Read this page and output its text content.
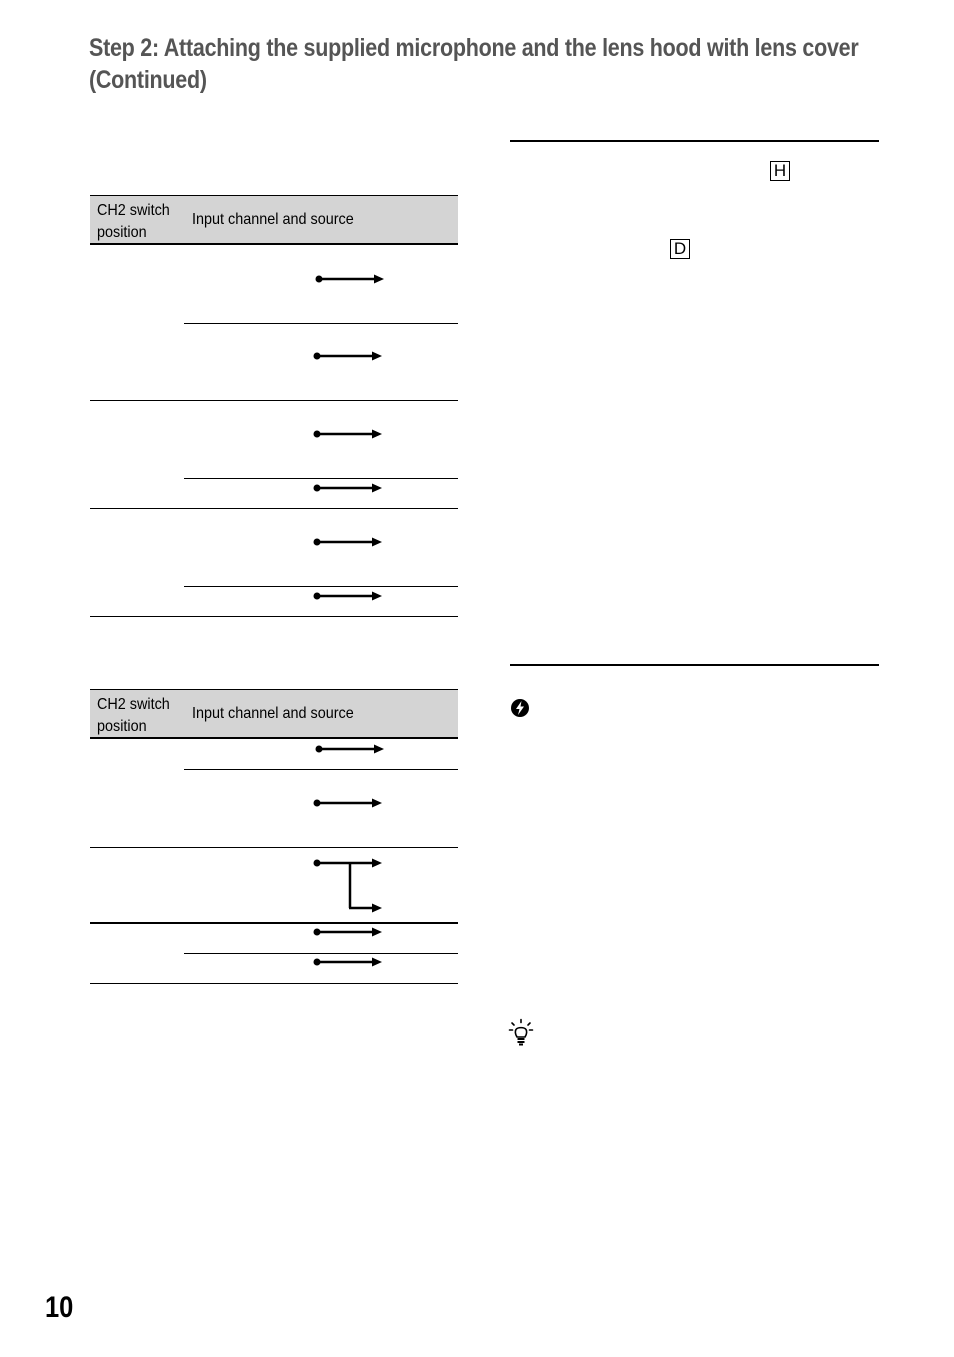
Step 2: Attaching the supplied microphone and the lens hood with lens cover (Continued)
CH2 switch position
Input channel and source
CH2 switch position
Input channel and source
H
D
10
